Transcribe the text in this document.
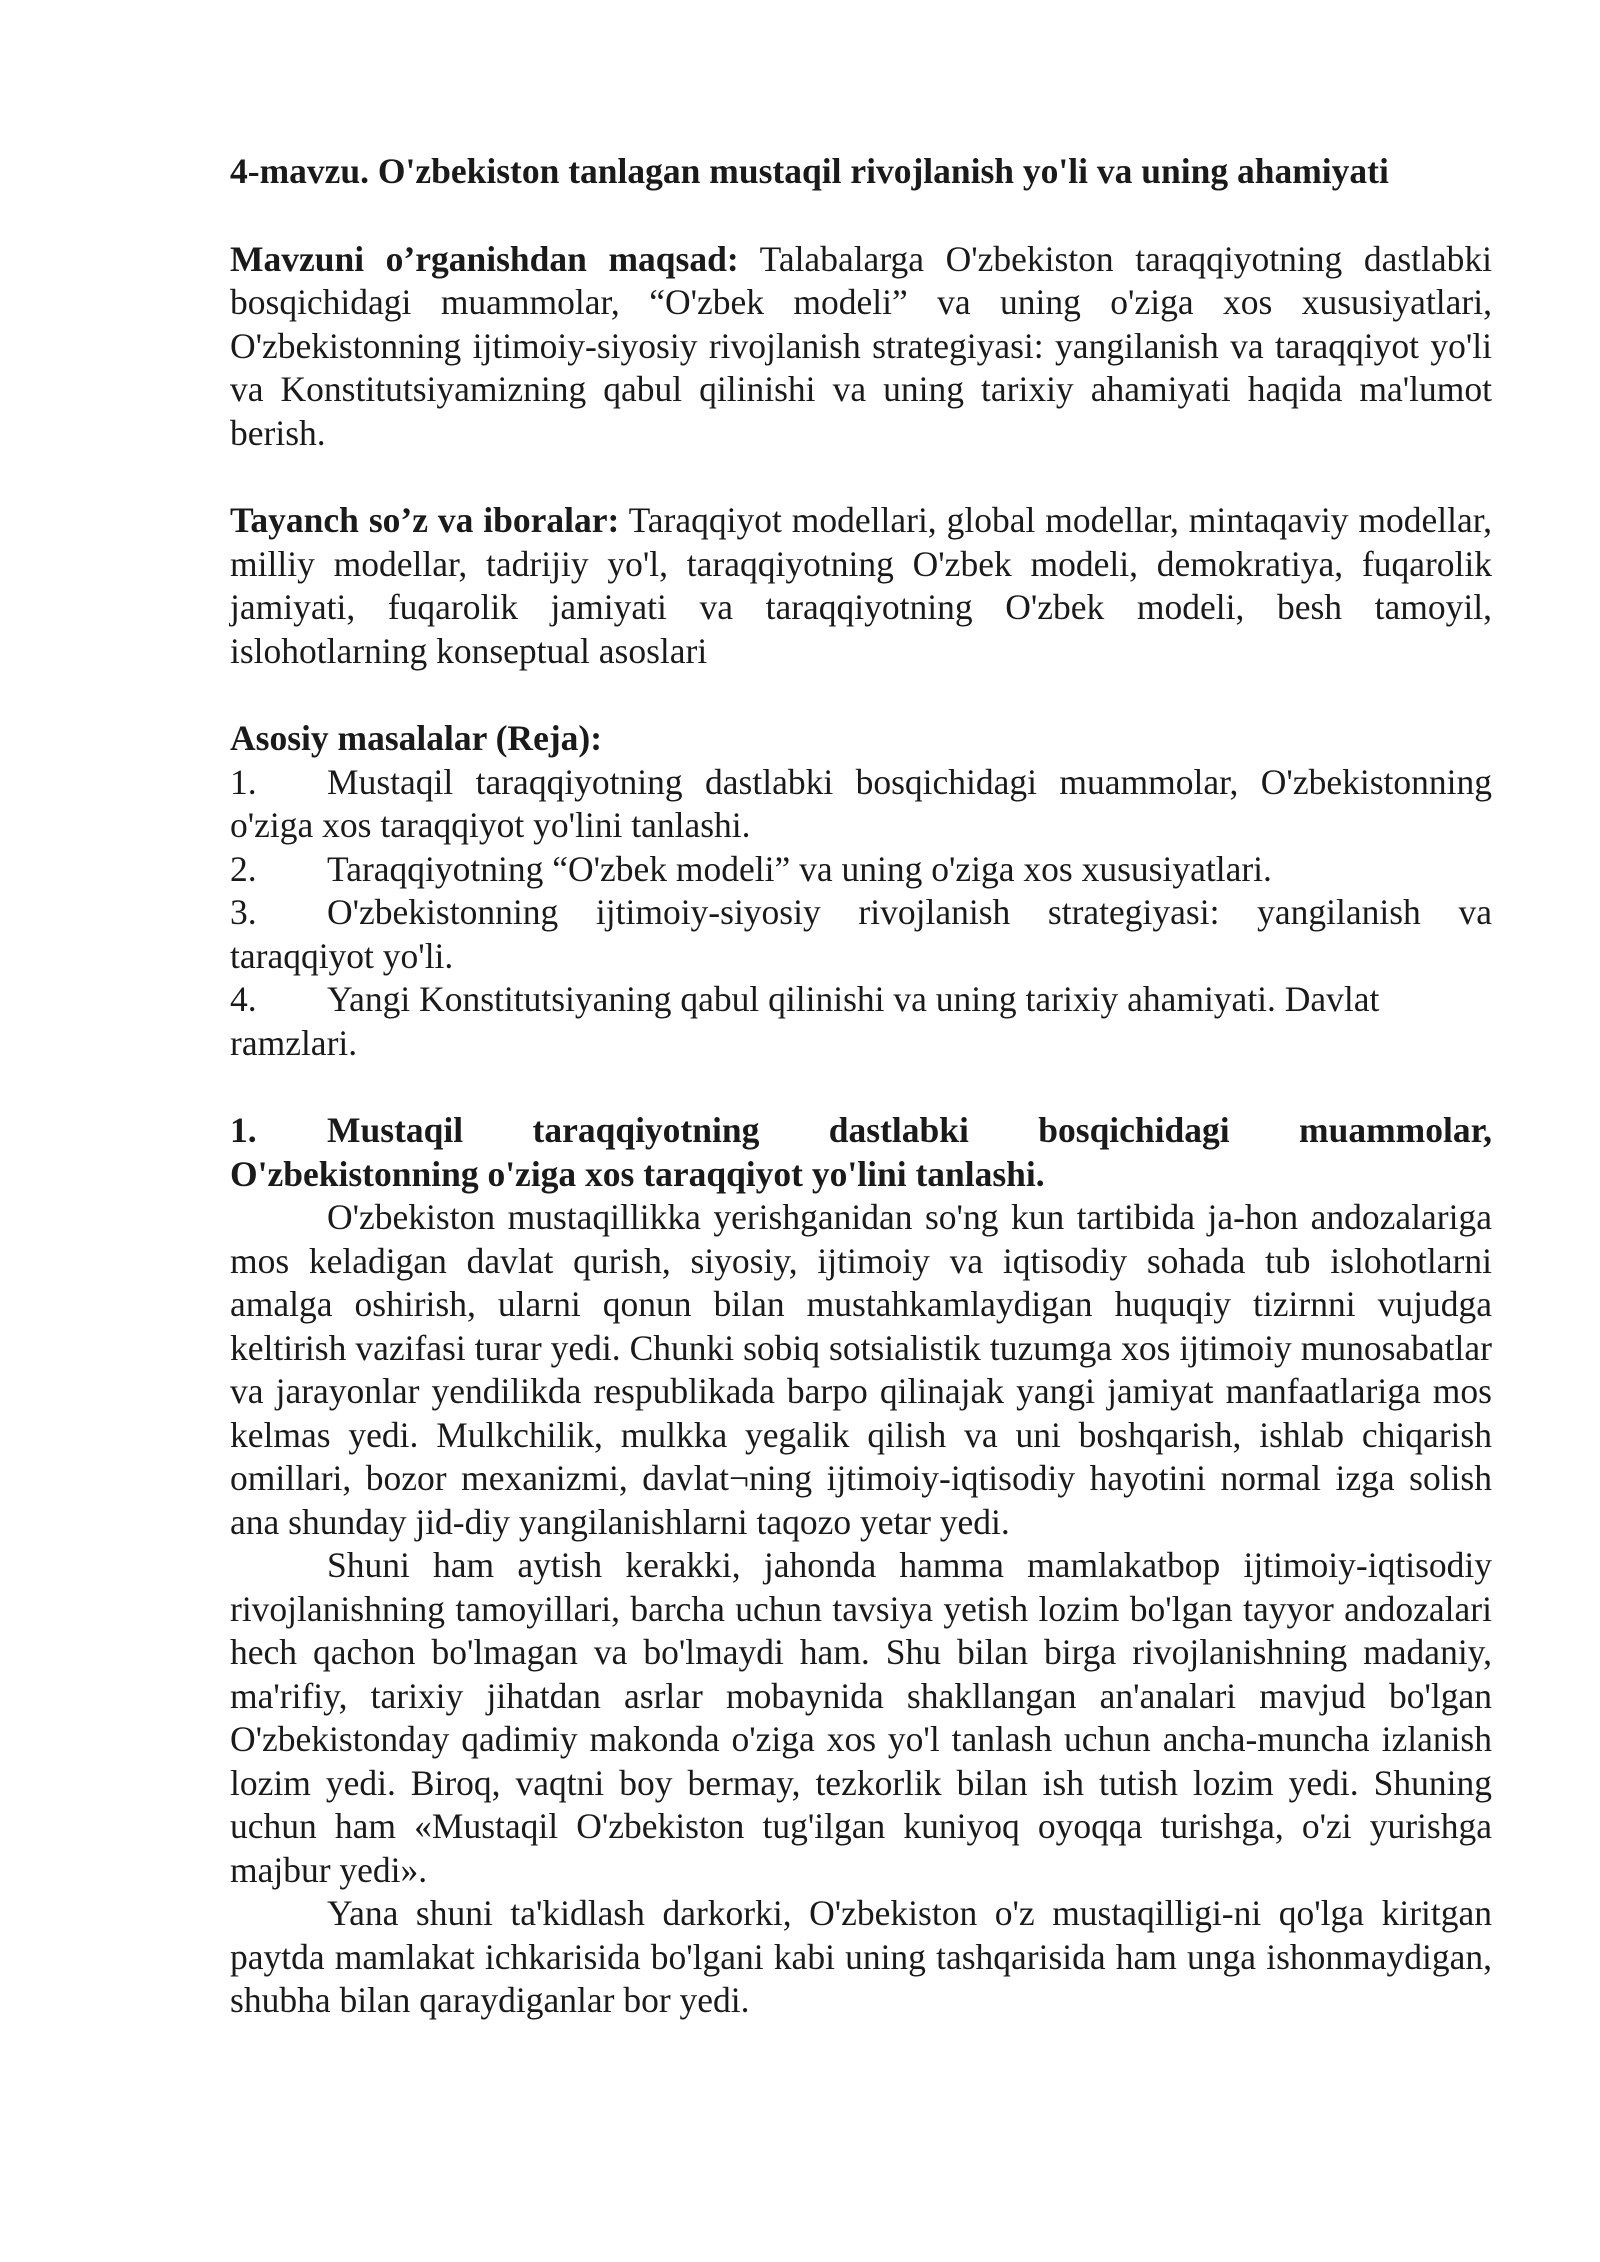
4-mavzu. O'zbekiston tanlagan mustaqil rivojlanish yo'li va uning ahamiyati

Mavzuni o’rganishdan maqsad: Talabalarga O'zbekiston taraqqiyotning dastlabki bosqichidagi muammolar, “O'zbek modeli” va uning o'ziga xos xususiyatlari, O'zbekistonning ijtimoiy-siyosiy rivojlanish strategiyasi: yangilanish va taraqqiyot yo'li va Konstitutsiyamizning qabul qilinishi va uning tarixiy ahamiyati haqida ma'lumot berish.

Tayanch so’z va iboralar: Taraqqiyot modellari, global modellar, mintaqaviy modellar, milliy modellar, tadrijiy yo'l, taraqqiyotning O'zbek modeli, demokratiya, fuqarolik jamiyati, fuqarolik jamiyati va taraqqiyotning O'zbek modeli, besh tamoyil, islohotlarning konseptual asoslari

Asosiy masalalar (Reja):

1. Mustaqil taraqqiyotning dastlabki bosqichidagi muammolar, O'zbekistonning o'ziga xos taraqqiyot yo'lini tanlashi.

2. Taraqqiyotning “O'zbek modeli” va uning o'ziga xos xususiyatlari.

3. O'zbekistonning ijtimoiy-siyosiy rivojlanish strategiyasi: yangilanish va taraqqiyot yo'li.

4. Yangi Konstitutsiyaning qabul qilinishi va uning tarixiy ahamiyati. Davlat ramzlari.

1. Mustaqil taraqqiyotning dastlabki bosqichidagi muammolar, O'zbekistonning o'ziga xos taraqqiyot yo'lini tanlashi.

O'zbekiston mustaqillikka yerishganidan so'ng kun tartibida ja-hon andozalariga mos keladigan davlat qurish, siyosiy, ijtimoiy va iqtisodiy sohada tub islohotlarni amalga oshirish, ularni qonun bilan mustahkamlaydigan huquqiy tizirnni vujudga keltirish vazifasi turar yedi. Chunki sobiq sotsialistik tuzumga xos ijtimoiy munosabatlar va jarayonlar yendilikda respublikada barpo qilinajak yangi jamiyat manfaatlariga mos kelmas yedi. Mulkchilik, mulkka yegalik qilish va uni boshqarish, ishlab chiqarish omillari, bozor mexanizmi, davlat¬ning ijtimoiy-iqtisodiy hayotini normal izga solish ana shunday jid-diy yangilanishlarni taqozo yetar yedi.

Shuni ham aytish kerakki, jahonda hamma mamlakatbop ijtimoiy-iqtisodiy rivojlanishning tamoyillari, barcha uchun tavsiya yetish lozim bo'lgan tayyor andozalari hech qachon bo'lmagan va bo'lmaydi ham. Shu bilan birga rivojlanishning madaniy, ma'rifiy, tarixiy jihatdan asrlar mobaynida shakllangan an'analari mavjud bo'lgan O'zbekistonday qadimiy makonda o'ziga xos yo'l tanlash uchun ancha-muncha izlanish lozim yedi. Biroq, vaqtni boy bermay, tezkorlik bilan ish tutish lozim yedi. Shuning uchun ham «Mustaqil O'zbekiston tug'ilgan kuniyoq oyoqqa turishga, o'zi yurishga majbur yedi».

Yana shuni ta'kidlash darkorki, O'zbekiston o'z mustaqilligi-ni qo'lga kiritgan paytda mamlakat ichkarisida bo'lgani kabi uning tashqarisida ham unga ishonmaydigan, shubha bilan qaraydiganlar bor yedi.
